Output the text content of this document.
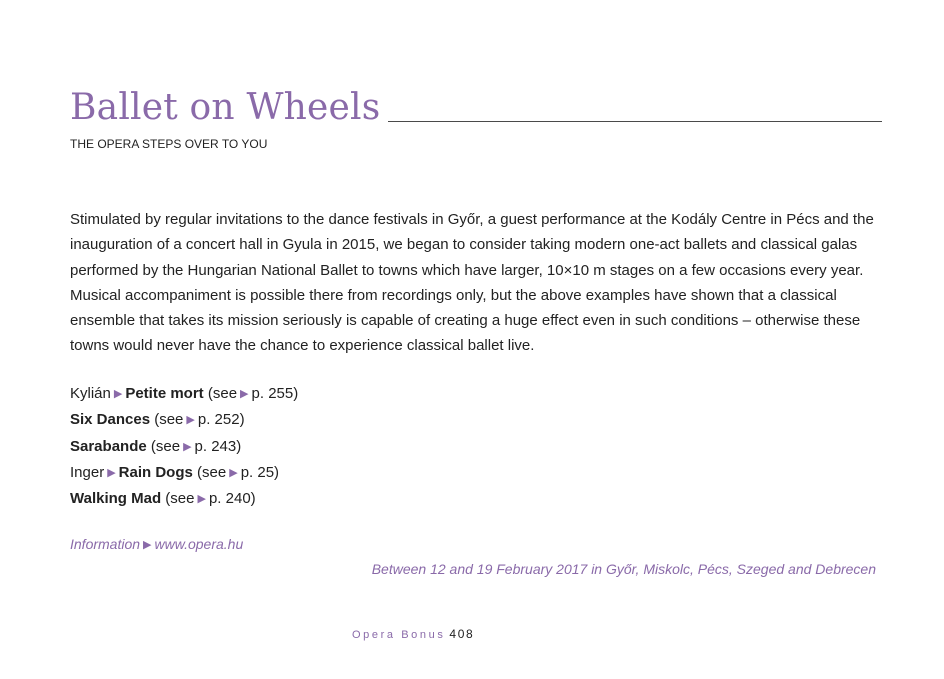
Ballet on Wheels
THE OPERA STEPS OVER TO YOU
Stimulated by regular invitations to the dance festivals in Győr, a guest performance at the Kodály Centre in Pécs and the inauguration of a concert hall in Gyula in 2015, we began to consider taking modern one-act ballets and classical galas performed by the Hungarian National Ballet to towns which have larger, 10×10 m stages on a few occasions every year. Musical accompaniment is possible there from recordings only, but the above examples have shown that a classical ensemble that takes its mission seriously is capable of creating a huge effect even in such conditions – otherwise these towns would never have the chance to experience classical ballet live.
Kylián ▶ Petite mort (see ▶ p. 255)
Six Dances (see ▶ p. 252)
Sarabande (see ▶ p. 243)
Inger ▶ Rain Dogs (see ▶ p. 25)
Walking Mad (see ▶ p. 240)
Information ▶ www.opera.hu
Between 12 and 19 February 2017 in Győr, Miskolc, Pécs, Szeged and Debrecen
Opera Bonus 408
